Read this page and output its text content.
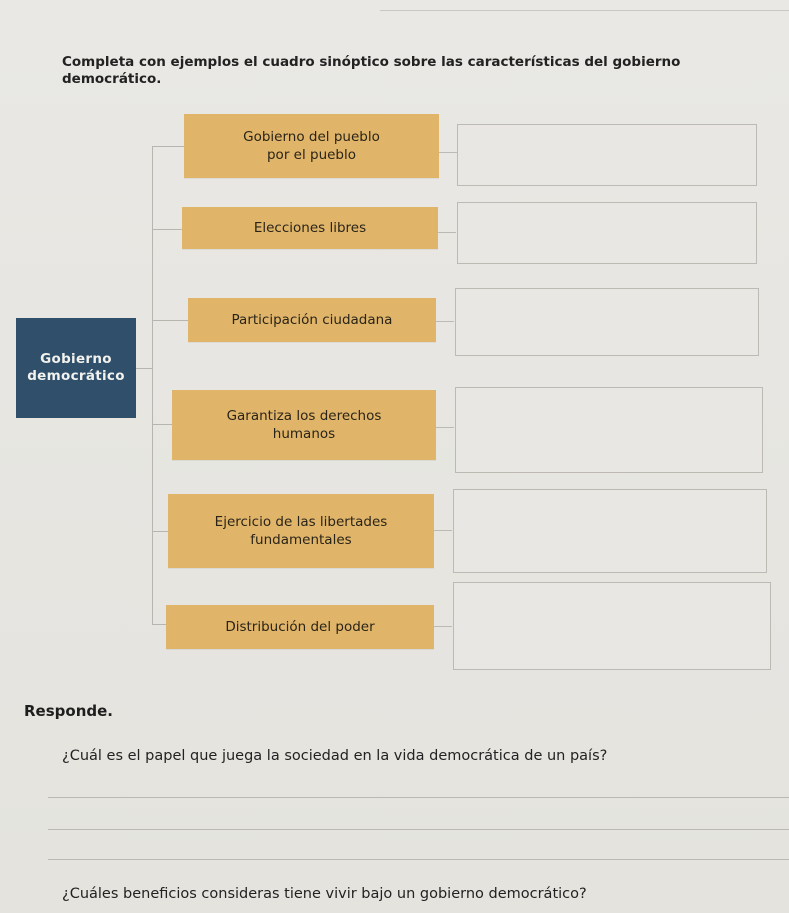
Completa con ejemplos el cuadro sinóptico sobre las características del gobierno democrático.
Gobierno
democrático
Gobierno del pueblo
por el pueblo
Elecciones libres
Participación ciudadana
Garantiza los derechos
humanos
Ejercicio de las libertades
fundamentales
Distribución del poder
Responde.
¿Cuál es el papel que juega la sociedad en la vida democrática de un país?
¿Cuáles beneficios consideras tiene vivir bajo un gobierno democrático?
